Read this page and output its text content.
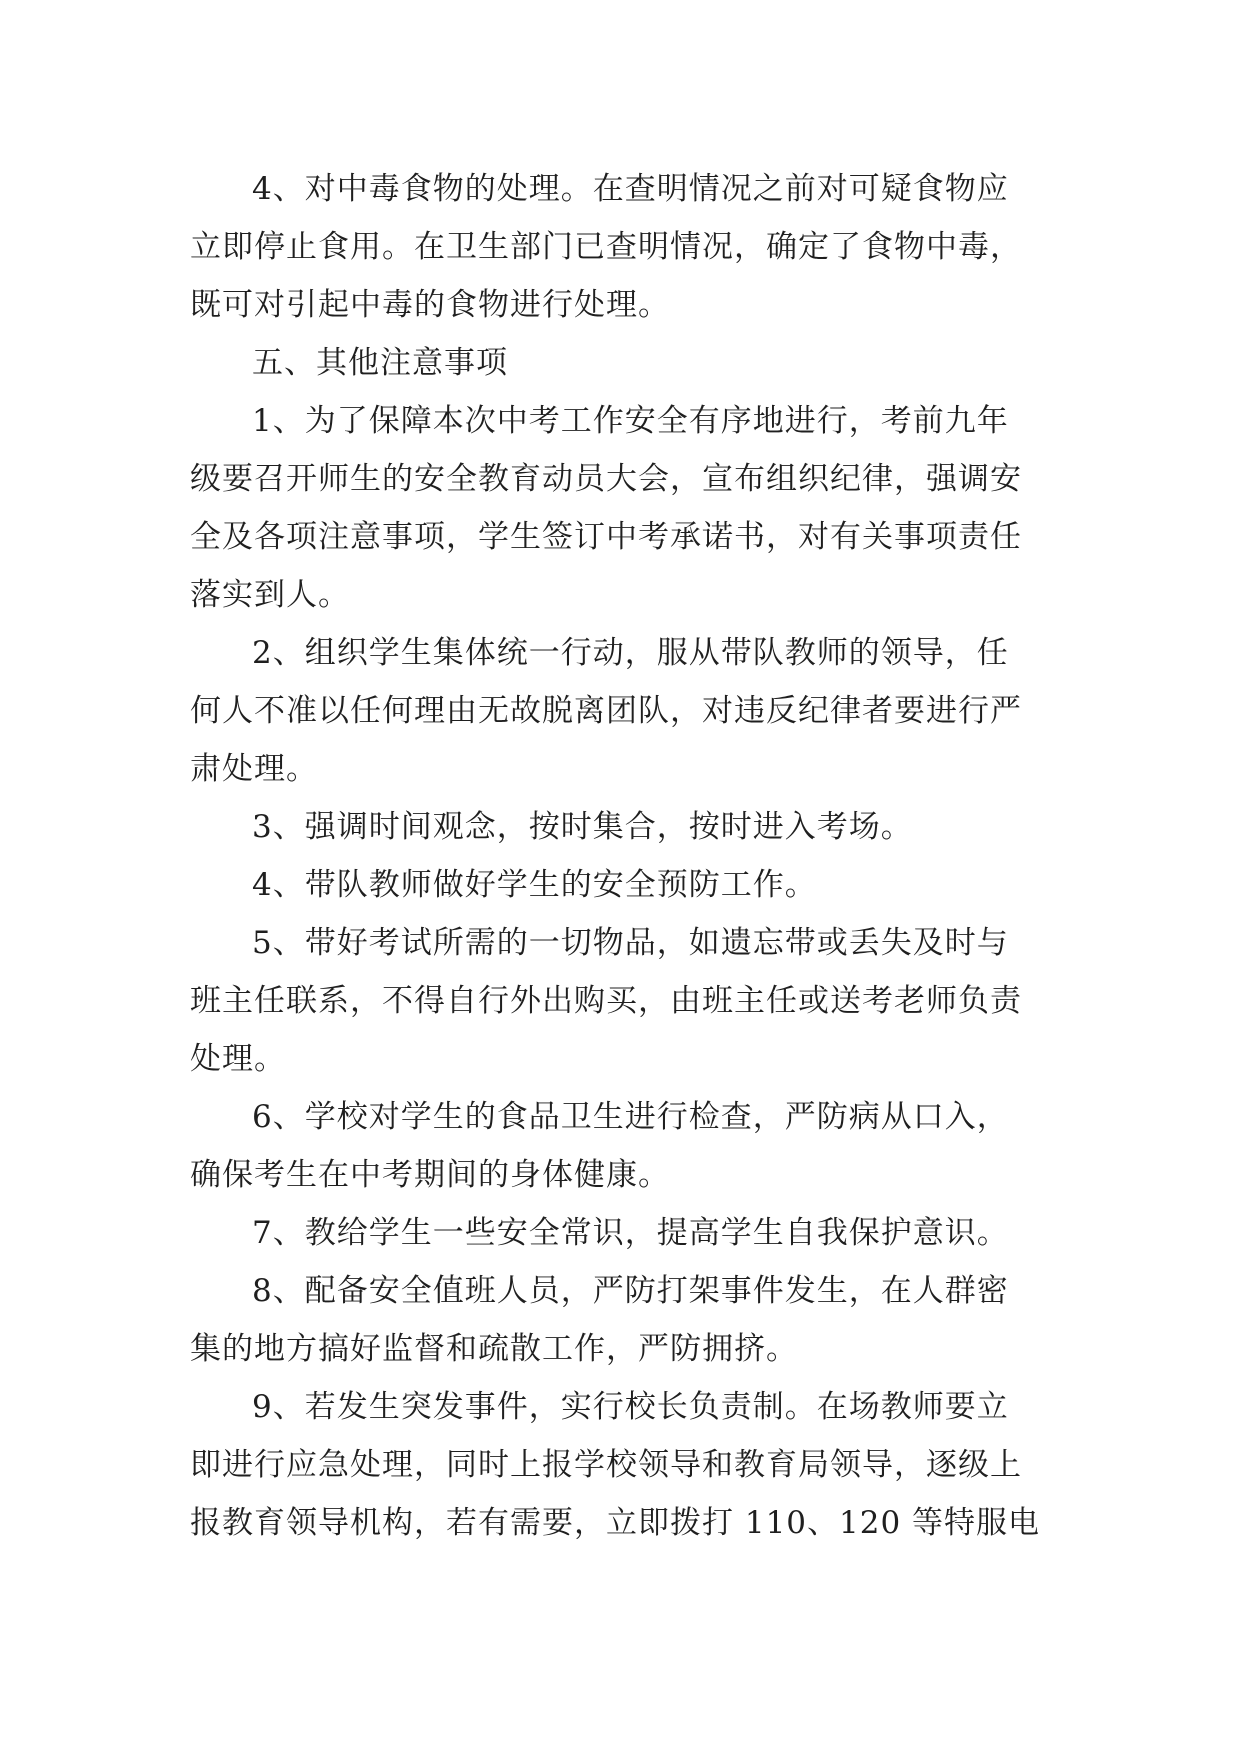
4、对中毒食物的处理。在查明情况之前对可疑食物应
立即停止食用。在卫生部门已查明情况，确定了食物中毒，
既可对引起中毒的食物进行处理。
五、其他注意事项
1、为了保障本次中考工作安全有序地进行，考前九年
级要召开师生的安全教育动员大会，宣布组织纪律，强调安
全及各项注意事项，学生签订中考承诺书，对有关事项责任
落实到人。
2、组织学生集体统一行动，服从带队教师的领导，任
何人不准以任何理由无故脱离团队，对违反纪律者要进行严
肃处理。
3、强调时间观念，按时集合，按时进入考场。
4、带队教师做好学生的安全预防工作。
5、带好考试所需的一切物品，如遗忘带或丢失及时与
班主任联系，不得自行外出购买，由班主任或送考老师负责
处理。
6、学校对学生的食品卫生进行检查，严防病从口入，
确保考生在中考期间的身体健康。
7、教给学生一些安全常识，提高学生自我保护意识。
8、配备安全值班人员，严防打架事件发生，在人群密
集的地方搞好监督和疏散工作，严防拥挤。
9、若发生突发事件，实行校长负责制。在场教师要立
即进行应急处理，同时上报学校领导和教育局领导，逐级上
报教育领导机构，若有需要，立即拨打 110、120 等特服电
